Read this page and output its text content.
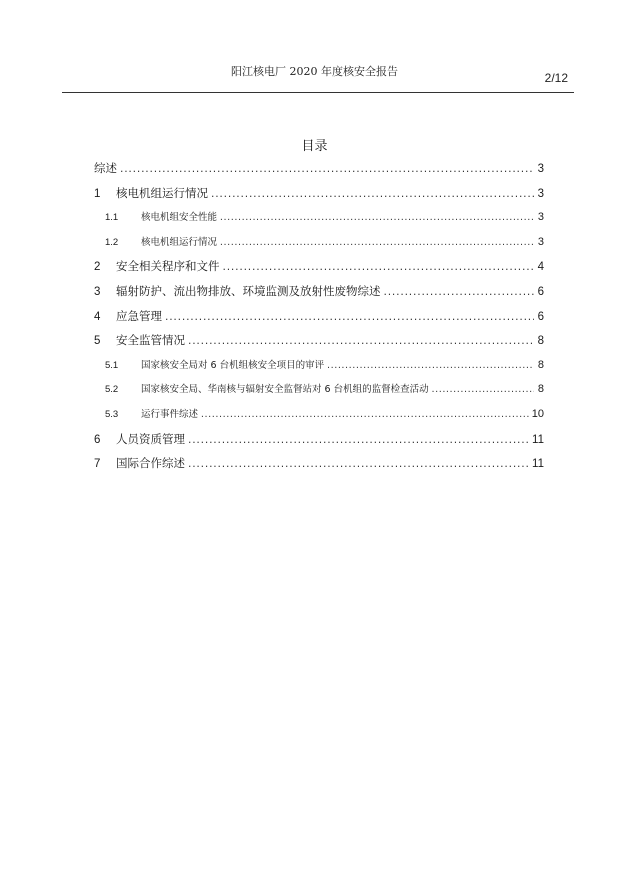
阳江核电厂 2020 年度核安全报告	2/12
目录
综述 .....	3
1	核电机组运行情况 .....	3
1.1	核电机组安全性能 .....	3
1.2	核电机组运行情况 .....	3
2	安全相关程序和文件 .....	4
3	辐射防护、流出物排放、环境监测及放射性废物综述 .....	6
4	应急管理 .....	6
5	安全监管情况 .....	8
5.1	国家核安全局对 6 台机组核安全项目的审评 .....	8
5.2	国家核安全局、华南核与辐射安全监督站对 6 台机组的监督检查活动 .....	8
5.3	运行事件综述 .....	10
6	人员资质管理 .....	11
7	国际合作综述 .....	11
